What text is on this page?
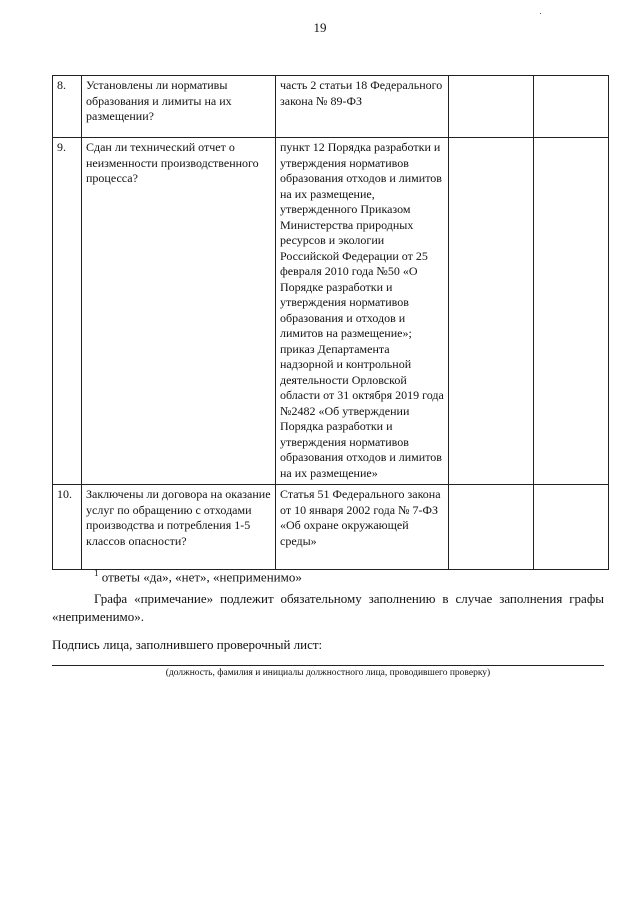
19
8.	Установлены ли нормативы образования и лимиты на их размещении?	часть 2 статьи 18 Федерального закона № 89-ФЗ		
9.	Сдан ли технический отчет о неизменности производственного процесса?	пункт 12 Порядка разработки и утверждения нормативов образования отходов и лимитов на их размещение, утвержденного Приказом Министерства природных ресурсов и экологии Российской Федерации от 25 февраля 2010 года №50 «О Порядке разработки и утверждения нормативов образования и отходов и лимитов на размещение»; приказ Департамента надзорной и контрольной деятельности Орловской области от 31 октября 2019 года №2482 «Об утверждении Порядка разработки и утверждения нормативов образования отходов и лимитов на их размещение»		
10.	Заключены ли договора на оказание услуг по обращению с отходами производства и потребления 1-5 классов опасности?	Статья 51 Федерального закона от 10 января 2002 года № 7-ФЗ «Об охране окружающей среды»		
$^1$ ответы «да», «нет», «неприменимо»
Графа «примечание» подлежит обязательному заполнению в случае заполнения графы «неприменимо».
Подпись лица, заполнившего проверочный лист:
(должность, фамилия и инициалы должностного лица, проводившего проверку)
